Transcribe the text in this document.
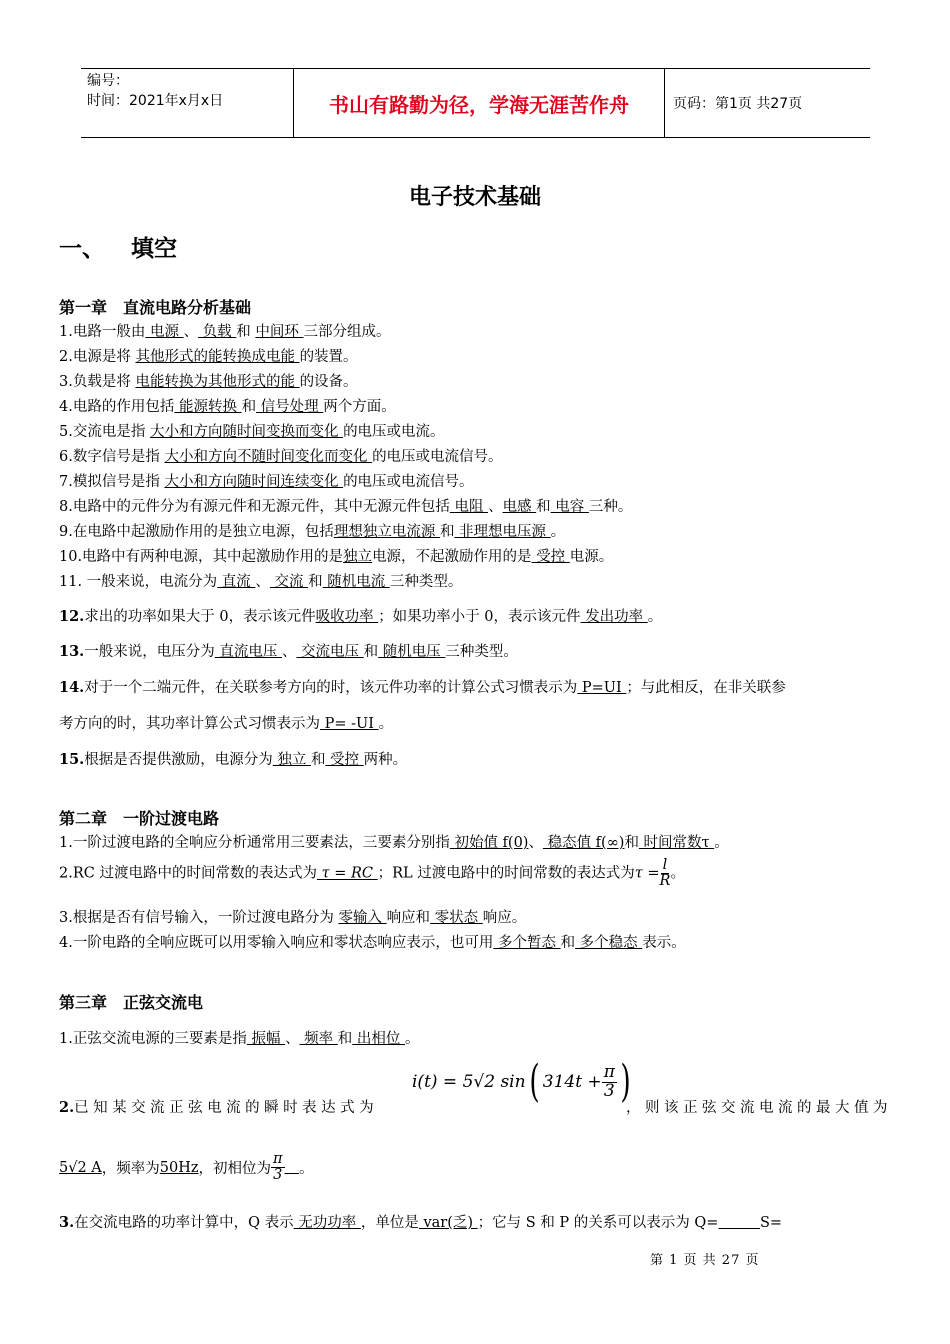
编号：
时间：2021年x月x日	书山有路勤为径，学海无涯苦作舟	页码：第1页 共27页
电子技术基础
一、 填空
第一章　直流电路分析基础
1.电路一般由 电源 、 负载 和 中间环 三部分组成。
2.电源是将 其他形式的能转换成电能 的装置。
3.负载是将 电能转换为其他形式的能 的设备。
4.电路的作用包括 能源转换 和 信号处理 两个方面。
5.交流电是指 大小和方向随时间变换而变化 的电压或电流。
6.数字信号是指 大小和方向不随时间变化而变化 的电压或电流信号。
7.模拟信号是指 大小和方向随时间连续变化 的电压或电流信号。
8.电路中的元件分为有源元件和无源元件，其中无源元件包括 电阻 、电感 和 电容 三种。
9.在电路中起激励作用的是独立电源，包括理想独立电流源 和 非理想电压源 。
10.电路中有两种电源，其中起激励作用的是独立电源，不起激励作用的是 受控 电源。
11. 一般来说，电流分为 直流 、 交流 和 随机电流 三种类型。
12.求出的功率如果大于 0，表示该元件吸收功率 ；如果功率小于 0，表示该元件 发出功率 。
13.一般来说，电压分为 直流电压 、 交流电压 和 随机电压 三种类型。
14.对于一个二端元件，在关联参考方向的时，该元件功率的计算公式习惯表示为 P=UI ；与此相反，在非关联参
考方向的时，其功率计算公式习惯表示为 P= -UI 。
15.根据是否提供激励，电源分为 独立 和 受控 两种。
第二章　一阶过渡电路
1.一阶过渡电路的全响应分析通常用三要素法，三要素分别指 初始值 f(0)、 稳态值 f(∞)和 时间常数τ 。
2.RC 过渡电路中的时间常数的表达式为 τ = RC ；RL 过渡电路中的时间常数的表达式为$\tau = \frac{l}{R}$ 。
3.根据是否有信号输入，一阶过渡电路分为 零输入 响应和 零状态 响应。
4.一阶电路的全响应既可以用零输入响应和零状态响应表示，也可用 多个暂态 和 多个稳态 表示。
第三章　正弦交流电
1.正弦交流电源的三要素是指 振幅 、 频率 和 出相位 。
i(t) = 5√2 sin ( $314t + \frac{\pi}{3}$ )
2.已知某交流正弦电流的瞬时表达式为	，则该正弦交流电流的最大值为
5√2 A ，频率为 50Hz ，初相位为 $\frac{\pi}{3}$
  。
3.在交流电路的功率计算中，Q 表示 无功功率 ，单位是 var(乏) ；它与 S 和 P 的关系可以表示为 Q=	S=
第 1 页 共 27 页
